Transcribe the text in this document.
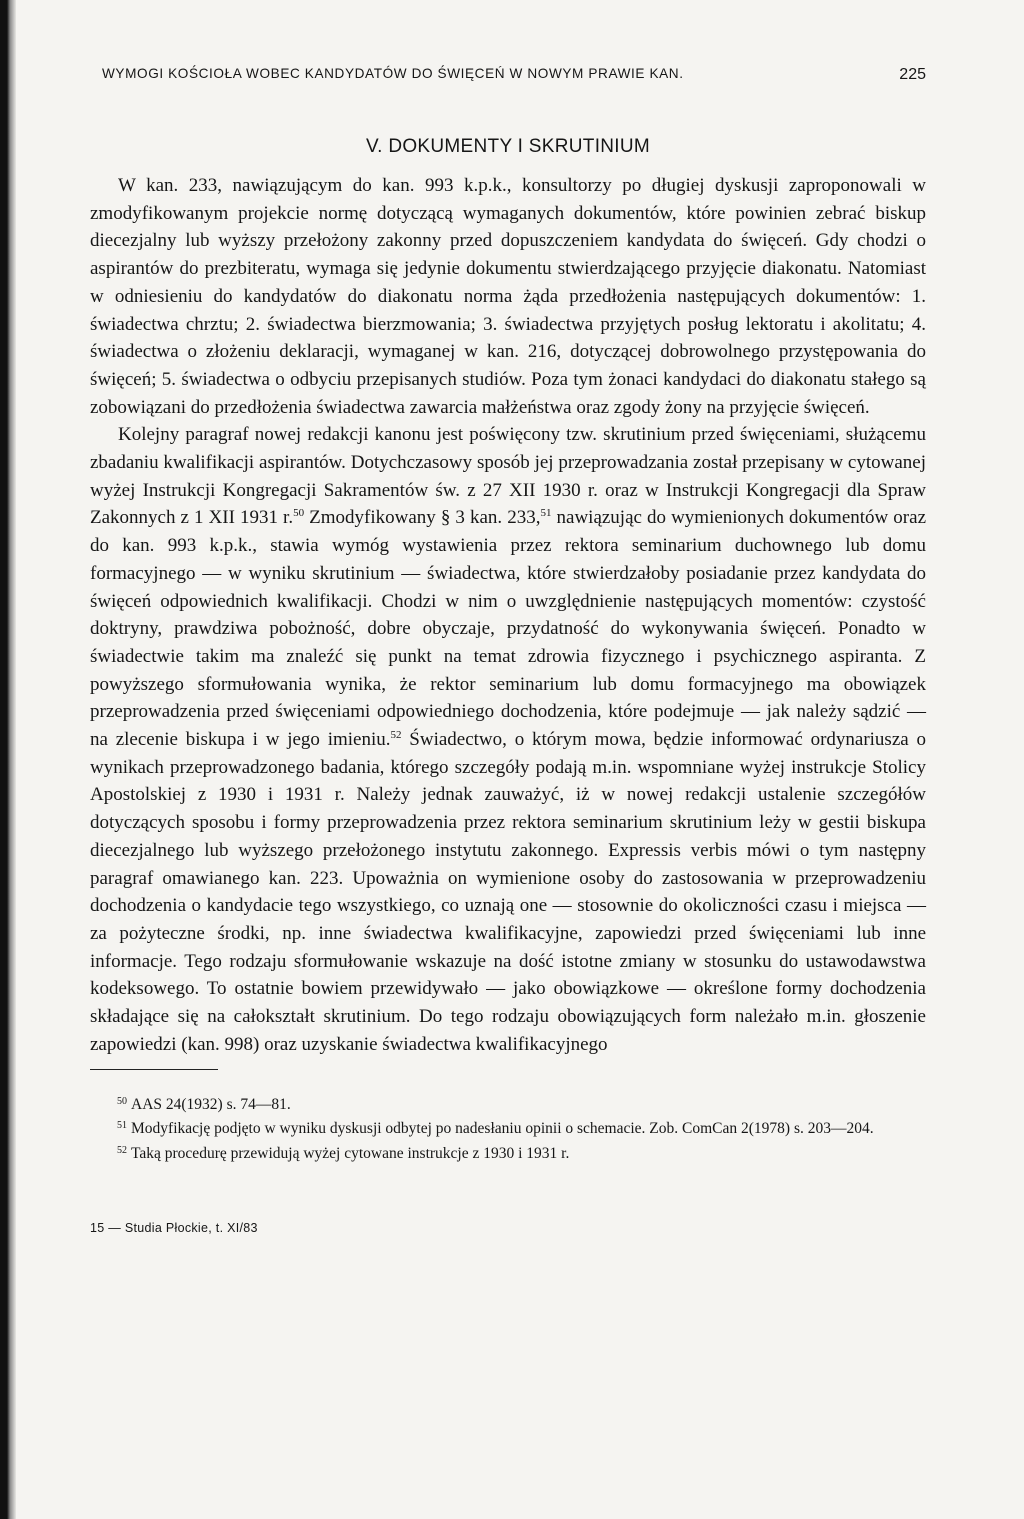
WYMOGI KOŚCIOŁA WOBEC KANDYDATÓW DO ŚWIĘCEŃ W NOWYM PRAWIE KAN.	225
V. DOKUMENTY I SKRUTINIUM

W kan. 233, nawiązującym do kan. 993 k.p.k., konsultorzy po długiej dyskusji zaproponowali w zmodyfikowanym projekcie normę dotyczącą wymaganych dokumentów, które powinien zebrać biskup diecezjalny lub wyższy przełożony zakonny przed dopuszczeniem kandydata do święceń. Gdy chodzi o aspirantów do prezbiteratu, wymaga się jedynie dokumentu stwierdzającego przyjęcie diakonatu. Natomiast w odniesieniu do kandydatów do diakonatu norma żąda przedłożenia następujących dokumentów: 1. świadectwa chrztu; 2. świadectwa bierzmowania; 3. świadectwa przyjętych posług lektoratu i akolitatu; 4. świadectwa o złożeniu deklaracji, wymaganej w kan. 216, dotyczącej dobrowolnego przystępowania do święceń; 5. świadectwa o odbyciu przepisanych studiów. Poza tym żonaci kandydaci do diakonatu stałego są zobowiązani do przedłożenia świadectwa zawarcia małżeństwa oraz zgody żony na przyjęcie święceń.

Kolejny paragraf nowej redakcji kanonu jest poświęcony tzw. skrutinium przed święceniami, służącemu zbadaniu kwalifikacji aspirantów. Dotychczasowy sposób jej przeprowadzania został przepisany w cytowanej wyżej Instrukcji Kongregacji Sakramentów św. z 27 XII 1930 r. oraz w Instrukcji Kongregacji dla Spraw Zakonnych z 1 XII 1931 r.$^{50}$ Zmodyfikowany § 3 kan. 233,51 nawiązując do wymienionych dokumentów oraz do kan. 993 k.p.k., stawia wymóg wystawienia przez rektora seminarium duchownego lub domu formacyjnego — w wyniku skrutinium — świadectwa, które stwierdzałoby posiadanie przez kandydata do święceń odpowiednich kwalifikacji. Chodzi w nim o uwzględnienie następujących momentów: czystość doktryny, prawdziwa pobożność, dobre obyczaje, przydatność do wykonywania święceń. Ponadto w świadectwie takim ma znaleźć się punkt na temat zdrowia fizycznego i psychicznego aspiranta. Z powyższego sformułowania wynika, że rektor seminarium lub domu formacyjnego ma obowiązek przeprowadzenia przed święceniami odpowiedniego dochodzenia, które podejmuje — jak należy sądzić — na zlecenie biskupa i w jego imieniu.$^{52}$ Świadectwo, o którym mowa, będzie informować ordynariusza o wynikach przeprowadzonego badania, którego szczegóły podają m.in. wspomniane wyżej instrukcje Stolicy Apostolskiej z 1930 i 1931 r. Należy jednak zauważyć, iż w nowej redakcji ustalenie szczegółów dotyczących sposobu i formy przeprowadzenia przez rektora seminarium skrutinium leży w gestii biskupa diecezjalnego lub wyższego przełożonego instytutu zakonnego. Expressis verbis mówi o tym następny paragraf omawianego kan. 223. Upoważnia on wymienione osoby do zastosowania w przeprowadzeniu dochodzenia o kandydacie tego wszystkiego, co uznają one — stosownie do okoliczności czasu i miejsca — za pożyteczne środki, np. inne świadectwa kwalifikacyjne, zapowiedzi przed święceniami lub inne informacje. Tego rodzaju sformułowanie wskazuje na dość istotne zmiany w stosunku do ustawodawstwa kodeksowego. To ostatnie bowiem przewidywało — jako obowiązkowe — określone formy dochodzenia składające się na całokształt skrutinium. Do tego rodzaju obowiązujących form należało m.in. głoszenie zapowiedzi (kan. 998) oraz uzyskanie świadectwa kwalifikacyjnego

$^{50}$ AAS 24(1932) s. 74—81.
$^{51}$ Modyfikację podjęto w wyniku dyskusji odbytej po nadesłaniu opinii o schemacie. Zob. ComCan 2(1978) s. 203—204.
$^{52}$ Taką procedurę przewidują wyżej cytowane instrukcje z 1930 i 1931 r.
15 — Studia Płockie, t. XI/83
